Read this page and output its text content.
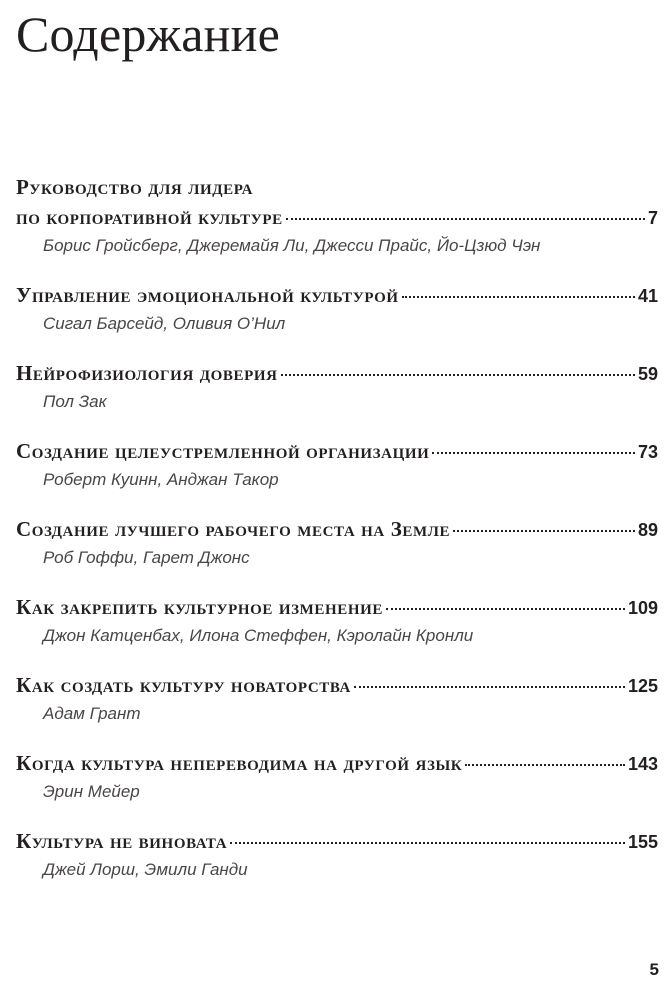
Содержание
Руководство для лидера
по корпоративной культуре	7
Борис Гройсберг, Джеремайя Ли, Джесси Прайс, Йо-Цзюд Чэн
Управление эмоциональной культурой	41
Сигал Барсейд, Оливия О’Нил
Нейрофизиология доверия	59
Пол Зак
Создание целеустремленной организации	73
Роберт Куинн, Анджан Такор
Создание лучшего рабочего места на Земле	89
Роб Гоффи, Гарет Джонс
Как закрепить культурное изменение	109
Джон Катценбах, Илона Стеффен, Кэролайн Кронли
Как создать культуру новаторства	125
Адам Грант
Когда культура непереводима на другой язык	143
Эрин Мейер
Культура не виновата	155
Джей Лорш, Эмили Ганди
5
